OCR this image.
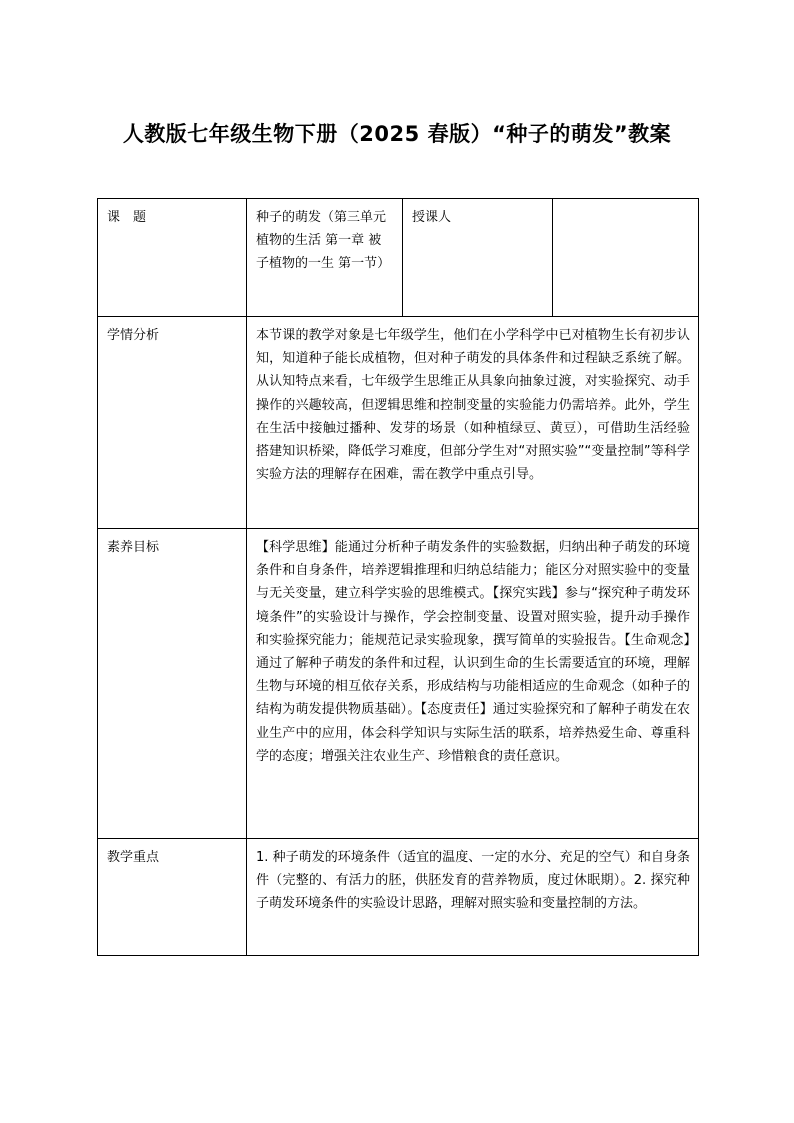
人教版七年级生物下册（2025 春版）“种子的萌发”教案
课　题	种子的萌发（第三单元 植物的生活 第一章 被子植物的一生 第一节）	授课人	
学情分析	本节课的教学对象是七年级学生，他们在小学科学中已对植物生长有初步认知，知道种子能长成植物，但对种子萌发的具体条件和过程缺乏系统了解。从认知特点来看，七年级学生思维正从具象向抽象过渡，对实验探究、动手操作的兴趣较高，但逻辑思维和控制变量的实验能力仍需培养。此外，学生在生活中接触过播种、发芽的场景（如种植绿豆、黄豆），可借助生活经验搭建知识桥梁，降低学习难度，但部分学生对“对照实验”“变量控制”等科学实验方法的理解存在困难，需在教学中重点引导。		
素养目标	【科学思维】能通过分析种子萌发条件的实验数据，归纳出种子萌发的环境条件和自身条件，培养逻辑推理和归纳总结能力；能区分对照实验中的变量与无关变量，建立科学实验的思维模式。【探究实践】参与“探究种子萌发环境条件”的实验设计与操作，学会控制变量、设置对照实验，提升动手操作和实验探究能力；能规范记录实验现象，撰写简单的实验报告。【生命观念】通过了解种子萌发的条件和过程，认识到生命的生长需要适宜的环境，理解生物与环境的相互依存关系，形成结构与功能相适应的生命观念（如种子的结构为萌发提供物质基础）。【态度责任】通过实验探究和了解种子萌发在农业生产中的应用，体会科学知识与实际生活的联系，培养热爱生命、尊重科学的态度；增强关注农业生产、珍惜粮食的责任意识。		
教学重点	1. 种子萌发的环境条件（适宜的温度、一定的水分、充足的空气）和自身条件（完整的、有活力的胚，供胚发育的营养物质，度过休眠期）。2. 探究种子萌发环境条件的实验设计思路，理解对照实验和变量控制的方法。		
